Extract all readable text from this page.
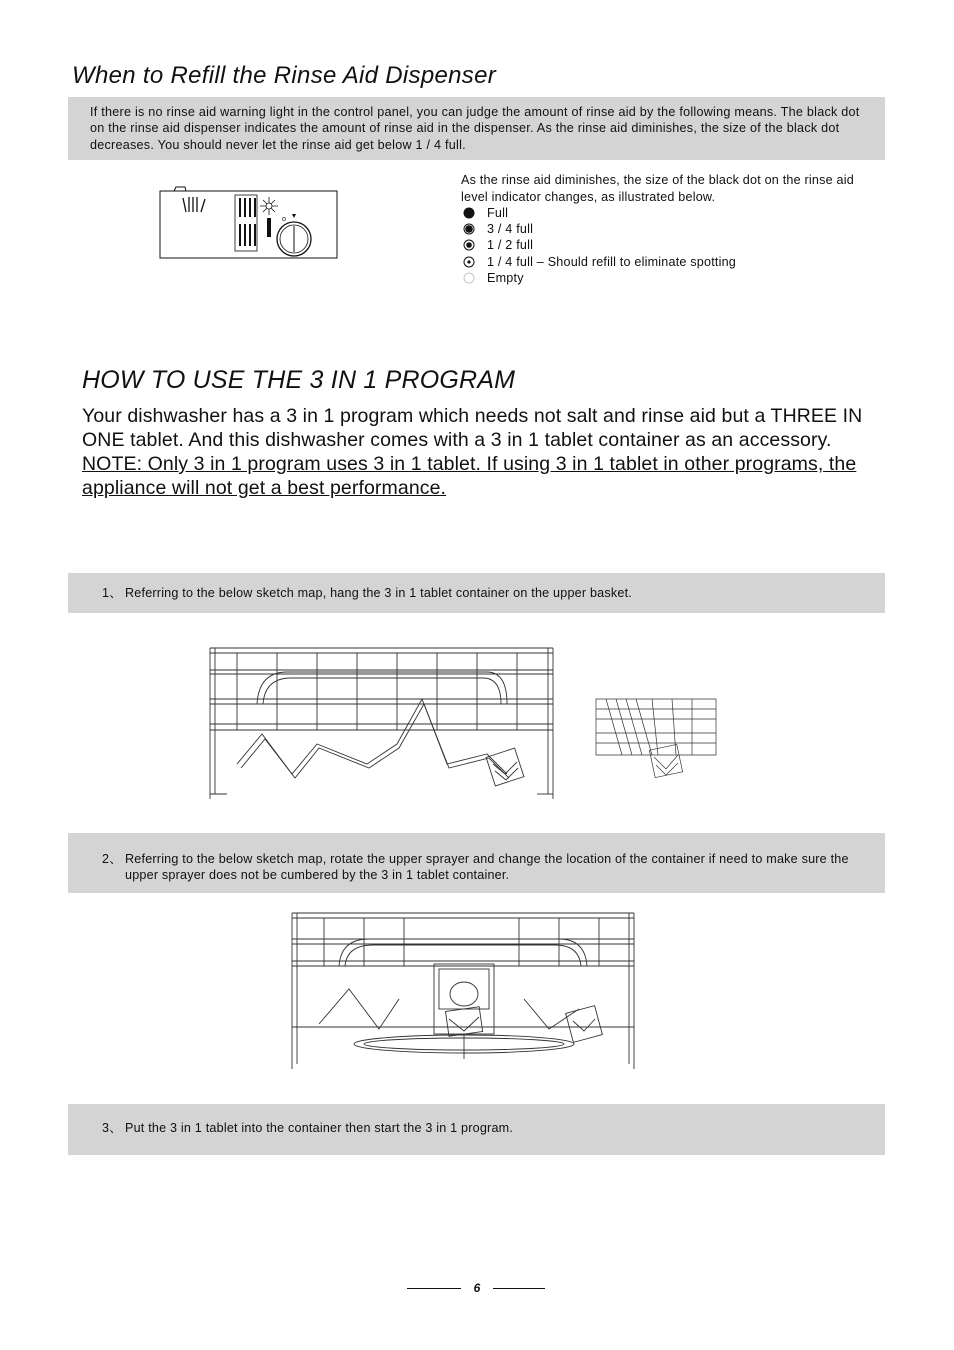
When to Refill the Rinse Aid Dispenser

If there is no rinse aid warning light in the control panel, you can judge the amount of rinse aid by the following means. The black dot on the rinse aid dispenser indicates the amount of rinse aid in the dispenser. As the rinse aid diminishes, the size of the black dot decreases. You should never let the rinse aid get below 1 / 4 full.

As the rinse aid diminishes, the size of the black dot on the rinse aid level indicator changes, as illustrated below.
Full
3 / 4 full
1 / 2 full
1 / 4 full – Should refill to eliminate spotting
Empty
HOW TO USE THE 3 IN 1 PROGRAM
Your dishwasher has a 3 in 1 program which needs not salt and rinse aid but a THREE IN ONE tablet. And this dishwasher comes with a 3 in 1 tablet container as an accessory. NOTE: Only 3 in 1 program uses 3 in 1 tablet. If using 3 in 1 tablet in other programs, the appliance will not get a best performance.
1、 Referring to the below sketch map, hang the 3 in 1 tablet container on the upper basket.
2、 Referring to the below sketch map, rotate the upper sprayer and change the location of the container if need to make sure the upper sprayer does not be cumbered by the 3 in 1 tablet container.
3、 Put the 3 in 1 tablet into the container then start the 3 in 1 program.
6
